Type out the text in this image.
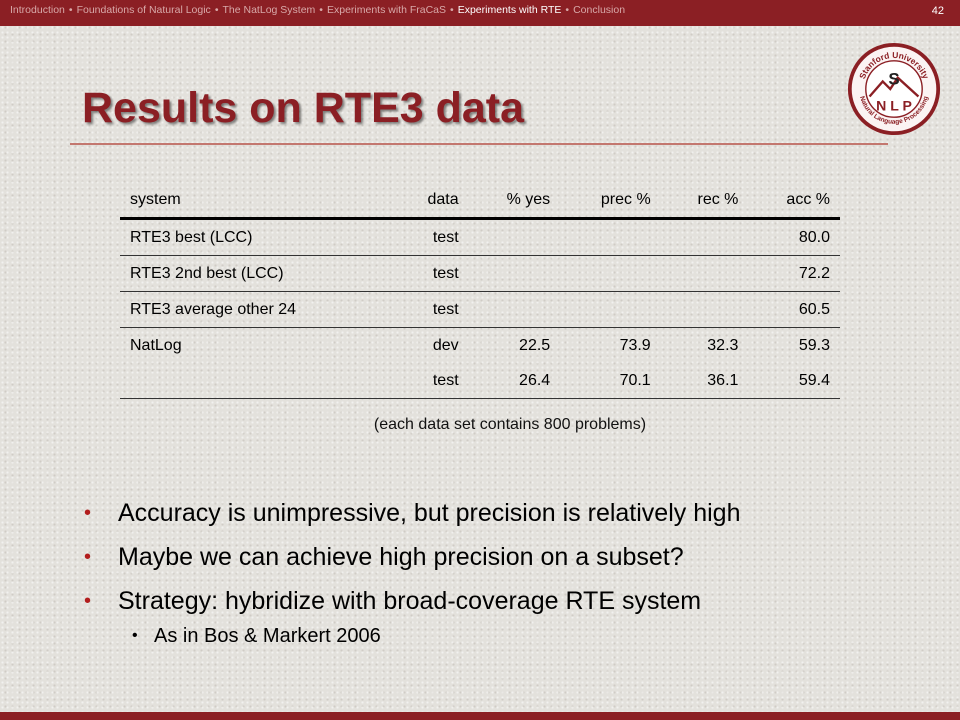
Introduction • Foundations of Natural Logic • The NatLog System • Experiments with FraCaS • Experiments with RTE • Conclusion	42
Results on RTE3 data
Stanford University
Natural Language Processing
S
N L P
system	data	% yes	prec %	rec %	acc %
RTE3 best (LCC)	test				80.0
RTE3 2nd best (LCC)	test				72.2
RTE3 average other 24	test				60.5
NatLog	dev	22.5	73.9	32.3	59.3
	test	26.4	70.1	36.1	59.4
(each data set contains 800 problems)
• Accuracy is unimpressive, but precision is relatively high
• Maybe we can achieve high precision on a subset?
• Strategy: hybridize with broad-coverage RTE system
• As in Bos & Markert 2006
